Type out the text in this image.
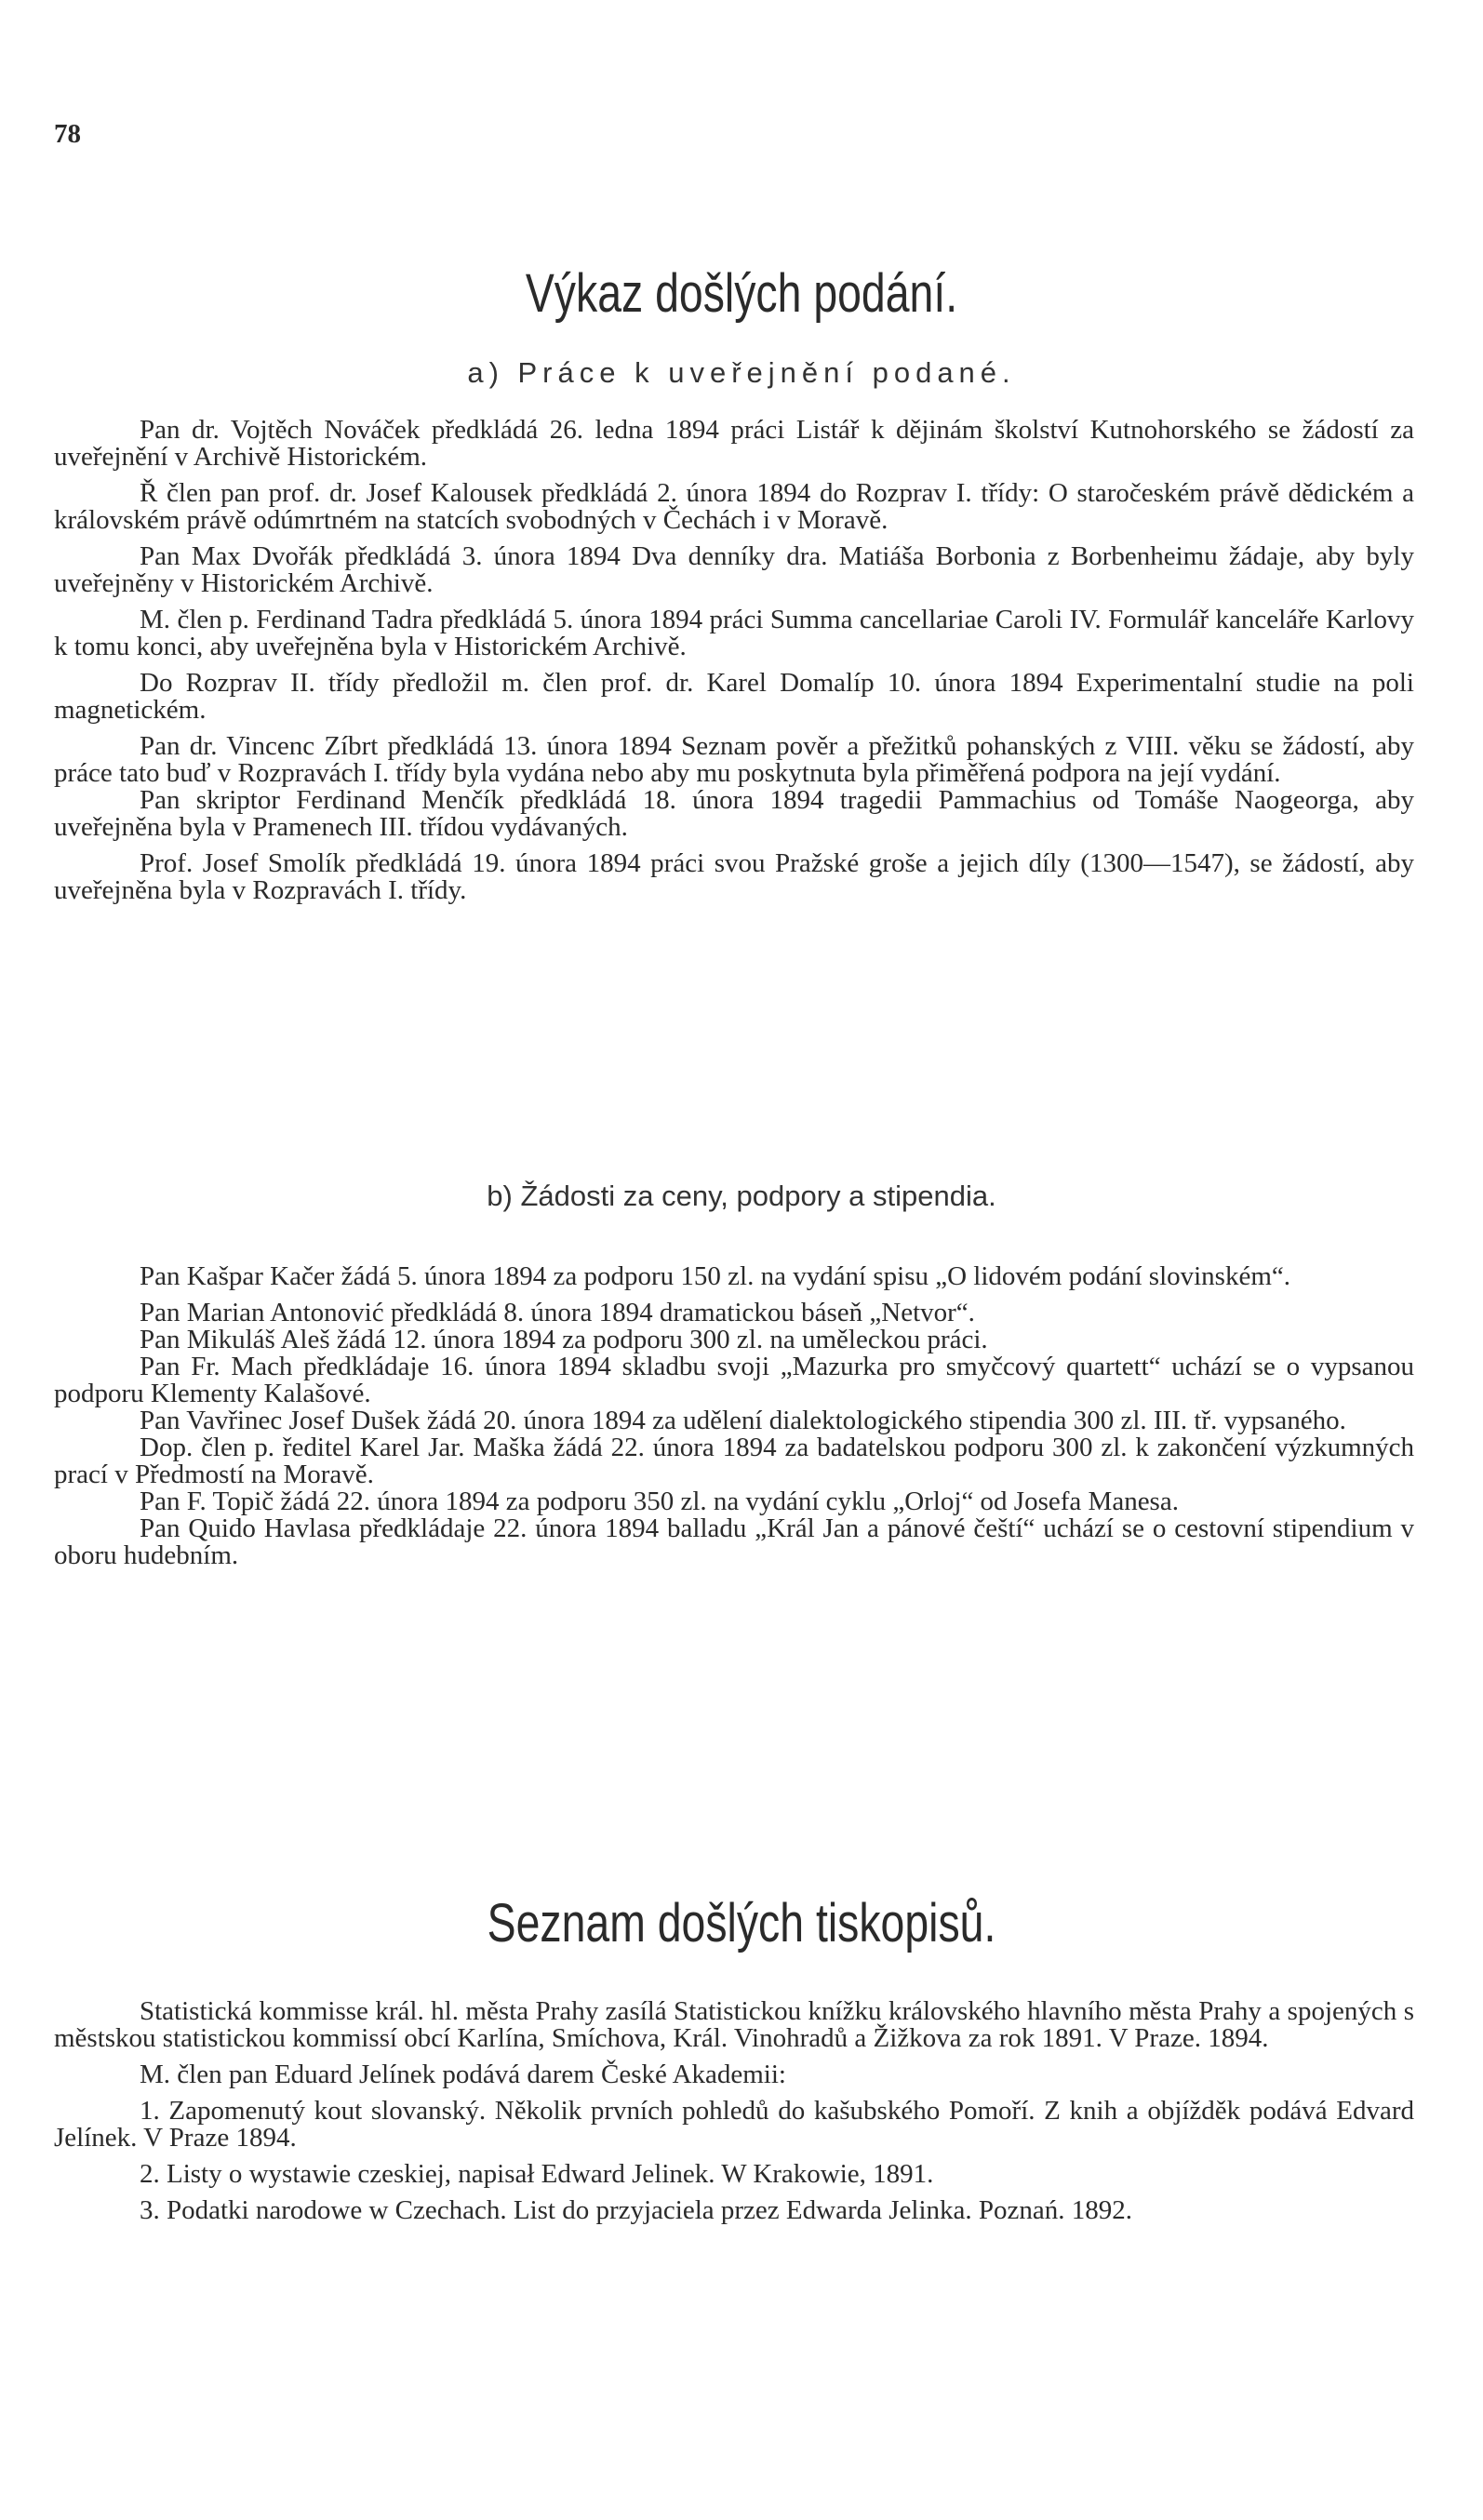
78
Výkaz došlých podání.
a) Práce k uveřejnění podané.

Pan dr. Vojtěch Nováček předkládá 26. ledna 1894 práci Listář k dějinám školství Kutnohorského se žádostí za uveřejnění v Archivě Historickém.

Ř člen pan prof. dr. Josef Kalousek předkládá 2. února 1894 do Rozprav I. třídy: O staročeském právě dědickém a královském právě odúmrtném na statcích svobodných v Čechách i v Moravě.

Pan Max Dvořák předkládá 3. února 1894 Dva denníky dra. Matiáša Borbonia z Borbenheimu žádaje, aby byly uveřejněny v Historickém Archivě.

M. člen p. Ferdinand Tadra předkládá 5. února 1894 práci Summa cancellariae Caroli IV. Formulář kanceláře Karlovy k tomu konci, aby uveřejněna byla v Historickém Archivě.

Do Rozprav II. třídy předložil m. člen prof. dr. Karel Domalíp 10. února 1894 Experimentalní studie na poli magnetickém.

Pan dr. Vincenc Zíbrt předkládá 13. února 1894 Seznam pověr a přežitků pohanských z VIII. věku se žádostí, aby práce tato buď v Rozpravách I. třídy byla vydána nebo aby mu poskytnuta byla přiměřená podpora na její vydání.

Pan skriptor Ferdinand Menčík předkládá 18. února 1894 tragedii Pammachius od Tomáše Naogeorga, aby uveřejněna byla v Pramenech III. třídou vydávaných.

Prof. Josef Smolík předkládá 19. února 1894 práci svou Pražské groše a jejich díly (1300—1547), se žádostí, aby uveřejněna byla v Rozpravách I. třídy.

b) Žádosti za ceny, podpory a stipendia.

Pan Kašpar Kačer žádá 5. února 1894 za podporu 150 zl. na vydání spisu „O lidovém podání slovinském“.

Pan Marian Antonović předkládá 8. února 1894 dramatickou báseň „Netvor“.

Pan Mikuláš Aleš žádá 12. února 1894 za podporu 300 zl. na uměleckou práci.

Pan Fr. Mach předkládaje 16. února 1894 skladbu svoji „Mazurka pro smyčcový quartett“ uchází se o vypsanou podporu Klementy Kalašové.

Pan Vavřinec Josef Dušek žádá 20. února 1894 za udělení dialektologického stipendia 300 zl. III. tř. vypsaného.

Dop. člen p. ředitel Karel Jar. Maška žádá 22. února 1894 za badatelskou podporu 300 zl. k zakončení výzkumných prací v Předmostí na Moravě.

Pan F. Topič žádá 22. února 1894 za podporu 350 zl. na vydání cyklu „Orloj“ od Josefa Manesa.

Pan Quido Havlasa předkládaje 22. února 1894 balladu „Král Jan a pánové čeští“ uchází se o cestovní stipendium v oboru hudebním.

Seznam došlých tiskopisů.

Statistická kommisse král. hl. města Prahy zasílá Statistickou knížku královského hlavního města Prahy a spojených s městskou statistickou kommissí obcí Karlína, Smíchova, Král. Vinohradů a Žižkova za rok 1891. V Praze. 1894.

M. člen pan Eduard Jelínek podává darem České Akademii:

1. Zapomenutý kout slovanský. Několik prvních pohledů do kašubského Pomoří. Z knih a objížděk podává Edvard Jelínek. V Praze 1894.

2. Listy o wystawie czeskiej, napisał Edward Jelinek. W Krakowie, 1891.

3. Podatki narodowe w Czechach. List do przyjaciela przez Edwarda Jelinka. Poznań. 1892.
